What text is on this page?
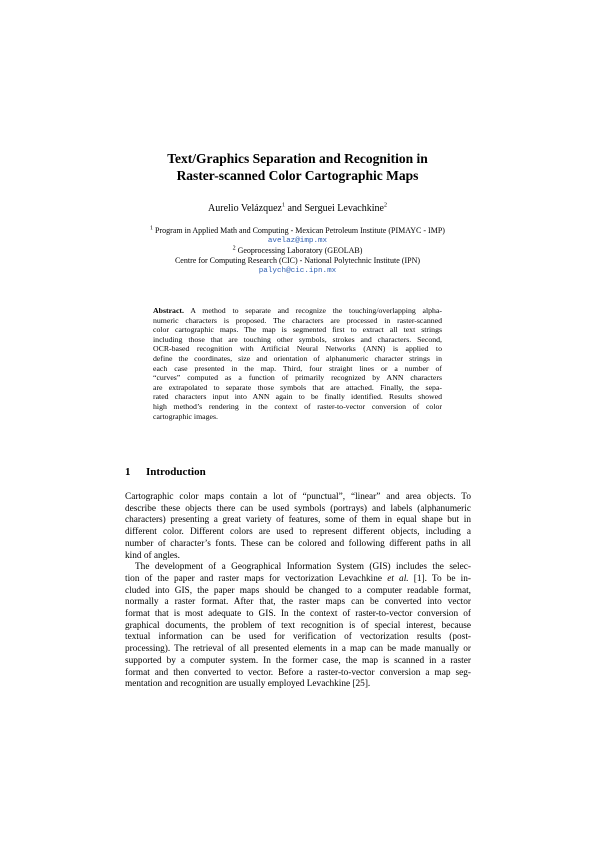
Text/Graphics Separation and Recognition in
Raster-scanned Color Cartographic Maps
Aurelio Velázquez$^1$ and Serguei Levachkine$^2$
$^1$ Program in Applied Math and Computing - Mexican Petroleum Institute (PIMAYC - IMP)
avelaz@imp.mx
$^2$ Geoprocessing Laboratory (GEOLAB)
Centre for Computing Research (CIC) - National Polytechnic Institute (IPN)
palych@cic.ipn.mx
Abstract. A method to separate and recognize the touching/overlapping alpha-
numeric characters is proposed. The characters are processed in raster-scanned
color cartographic maps. The map is segmented first to extract all text strings
including those that are touching other symbols, strokes and characters. Second,
OCR-based recognition with Artificial Neural Networks (ANN) is applied to
define the coordinates, size and orientation of alphanumeric character strings in
each case presented in the map. Third, four straight lines or a number of
“curves” computed as a function of primarily recognized by ANN characters
are extrapolated to separate those symbols that are attached. Finally, the sepa-
rated characters input into ANN again to be finally identified. Results showed
high method’s rendering in the context of raster-to-vector conversion of color
cartographic images.
1 Introduction
Cartographic color maps contain a lot of “punctual”, “linear” and area objects. To
describe these objects there can be used symbols (portrays) and labels (alphanumeric
characters) presenting a great variety of features, some of them in equal shape but in
different color. Different colors are used to represent different objects, including a
number of character’s fonts. These can be colored and following different paths in all
kind of angles.
The development of a Geographical Information System (GIS) includes the selec-
tion of the paper and raster maps for vectorization Levachkine et al. [1]. To be in-
cluded into GIS, the paper maps should be changed to a computer readable format,
normally a raster format. After that, the raster maps can be converted into vector
format that is most adequate to GIS. In the context of raster-to-vector conversion of
graphical documents, the problem of text recognition is of special interest, because
textual information can be used for verification of vectorization results (post-
processing). The retrieval of all presented elements in a map can be made manually or
supported by a computer system. In the former case, the map is scanned in a raster
format and then converted to vector. Before a raster-to-vector conversion a map seg-
mentation and recognition are usually employed Levachkine [25].
